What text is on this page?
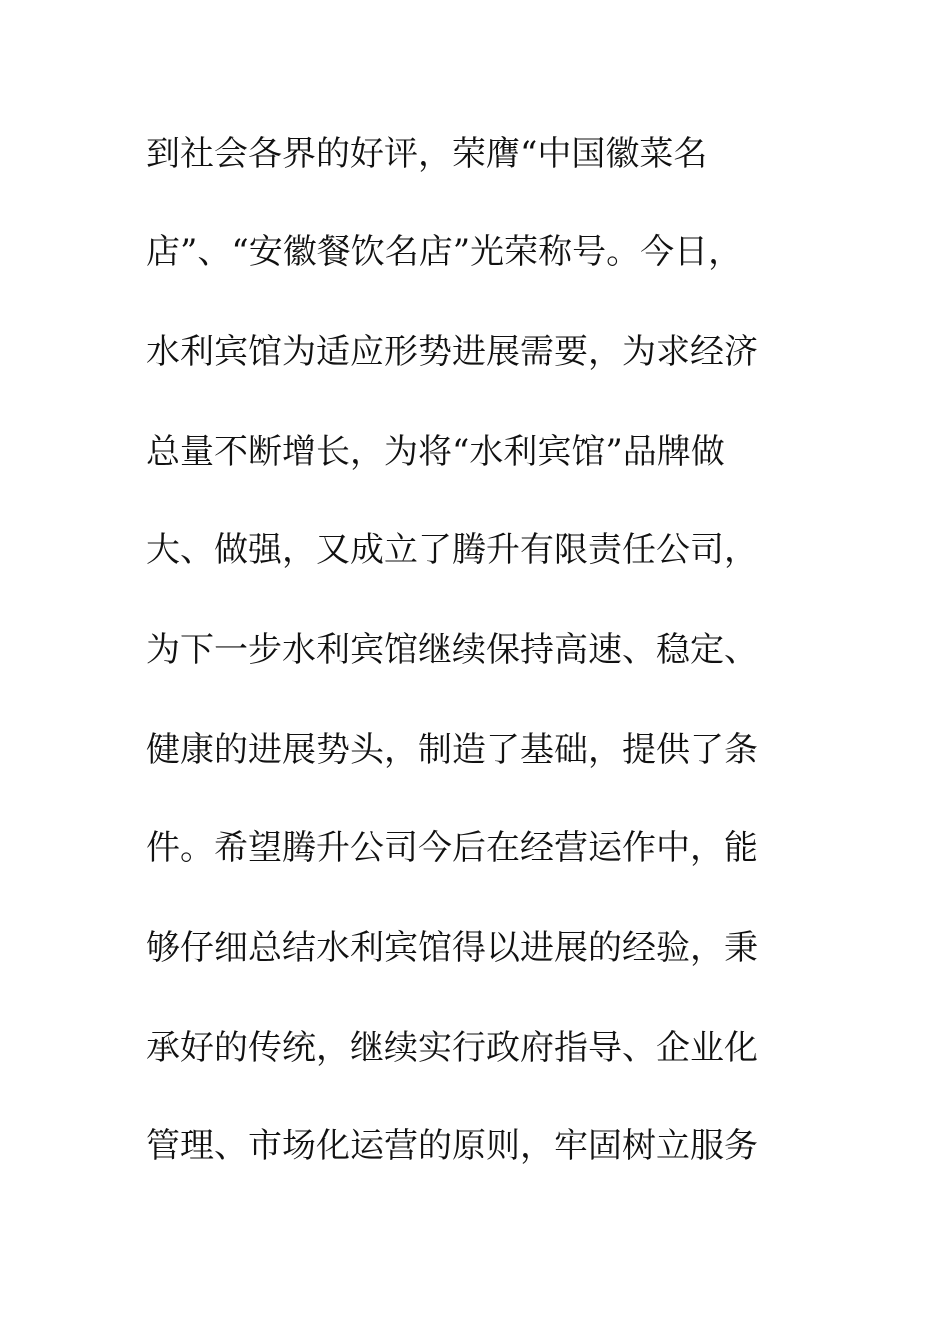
到社会各界的好评，荣膺“中国徽菜名
店”、“安徽餐饮名店”光荣称号。今日，
水利宾馆为适应形势进展需要，为求经济
总量不断增长，为将“水利宾馆”品牌做
大、做强，又成立了腾升有限责任公司，
为下一步水利宾馆继续保持高速、稳定、
健康的进展势头，制造了基础，提供了条
件。希望腾升公司今后在经营运作中，能
够仔细总结水利宾馆得以进展的经验，秉
承好的传统，继续实行政府指导、企业化
管理、市场化运营的原则，牢固树立服务
